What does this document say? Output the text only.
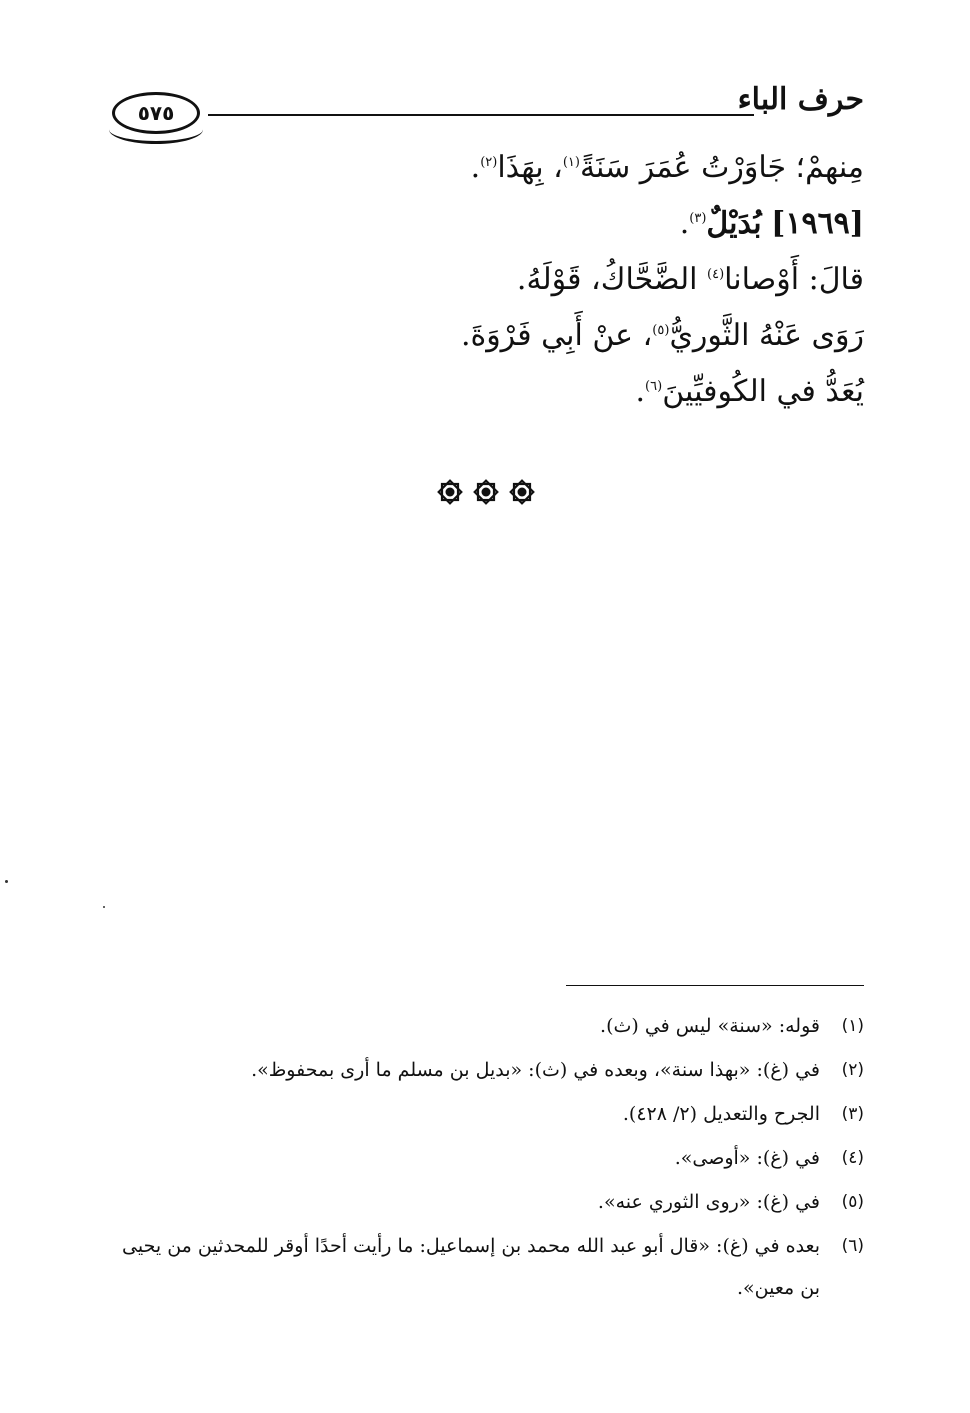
٥٧٥	حرف الباء
مِنهمْ؛ جَاوَرْتُ عُمَرَ سَنَةً$^{(١)}$، بِهَذَا$^{(٢)}$.
[١٩٦٩] بُدَيْلٌ$^{(٣)}$.
قالَ: أَوْصانا$^{(٤)}$ الضَّحَّاكُ، قَوْلَهُ.
رَوَى عَنْهُ الثَّوريُّ$^{(٥)}$، عنْ أَبِي فَرْوَةَ.
يُعَدُّ في الكُوفيِّينَ$^{(٦)}$.
(١)
قوله: «سنة» ليس في (ث).
(٢)
في (غ): «بهذا سنة»، وبعده في (ث): «بديل بن مسلم ما أرى بمحفوظ».
(٣)
الجرح والتعديل (٢/ ٤٢٨).
(٤)
في (غ): «أوصى».
(٥)
في (غ): «روى الثوري عنه».
(٦)
بعده في (غ): «قال أبو عبد الله محمد بن إسماعيل: ما رأيت أحدًا أوقر للمحدثين من يحيى
بن معين».
